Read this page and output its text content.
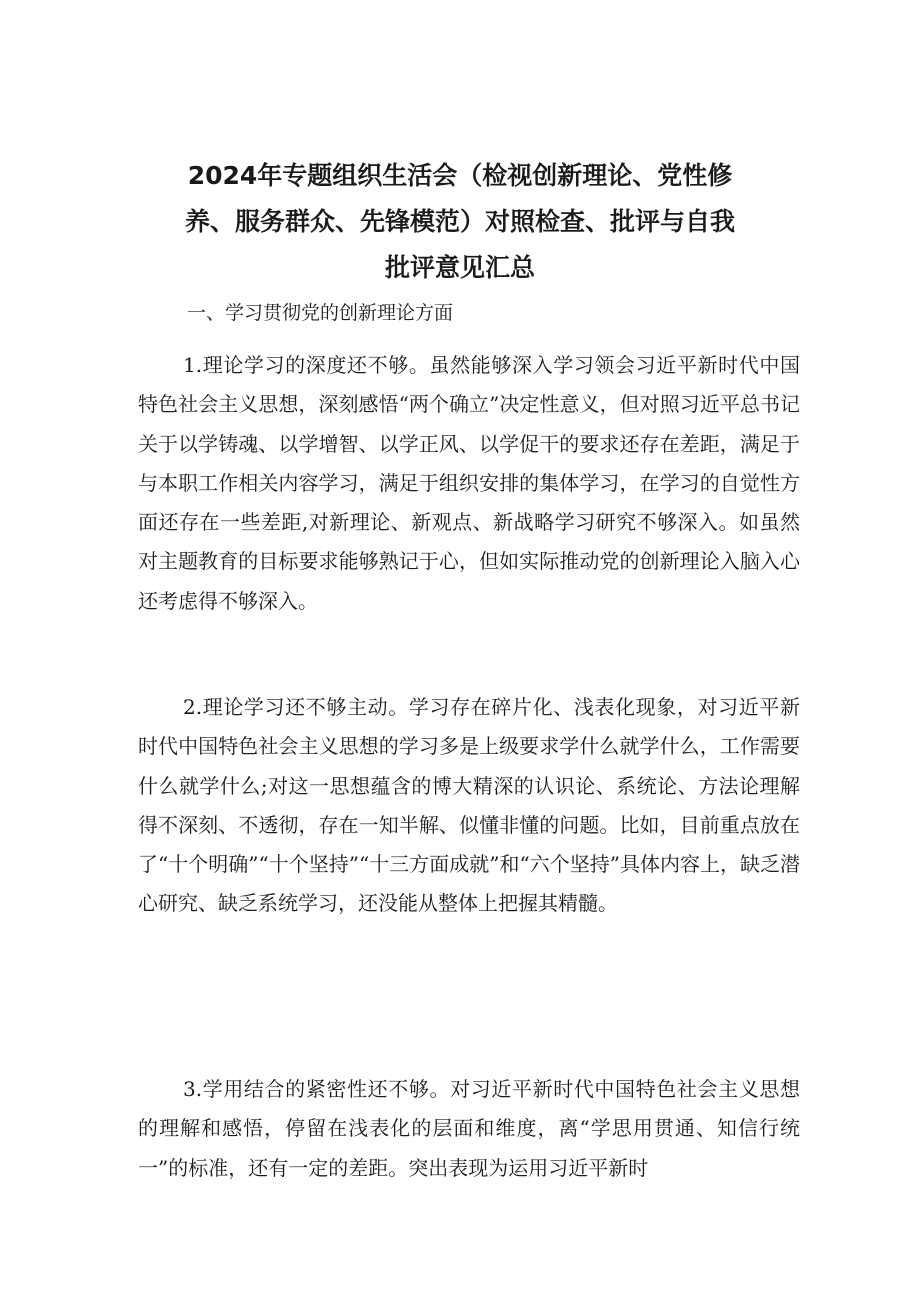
2024年专题组织生活会（检视创新理论、党性修
养、服务群众、先锋模范）对照检查、批评与自我
批评意见汇总

一、学习贯彻党的创新理论方面

1.理论学习的深度还不够。虽然能够深入学习领会习近平新时代中国特色社会主义思想，深刻感悟“两个确立”决定性意义，但对照习近平总书记关于以学铸魂、以学增智、以学正风、以学促干的要求还存在差距，满足于与本职工作相关内容学习，满足于组织安排的集体学习，在学习的自觉性方面还存在一些差距,对新理论、新观点、新战略学习研究不够深入。如虽然对主题教育的目标要求能够熟记于心，但如实际推动党的创新理论入脑入心还考虑得不够深入。

2.理论学习还不够主动。学习存在碎片化、浅表化现象，对习近平新时代中国特色社会主义思想的学习多是上级要求学什么就学什么，工作需要什么就学什么;对这一思想蕴含的博大精深的认识论、系统论、方法论理解得不深刻、不透彻，存在一知半解、似懂非懂的问题。比如，目前重点放在了“十个明确”“十个坚持”“十三方面成就”和“六个坚持”具体内容上，缺乏潜心研究、缺乏系统学习，还没能从整体上把握其精髓。

3.学用结合的紧密性还不够。对习近平新时代中国特色社会主义思想的理解和感悟，停留在浅表化的层面和维度，离“学思用贯通、知信行统一”的标准，还有一定的差距。突出表现为运用习近平新时
